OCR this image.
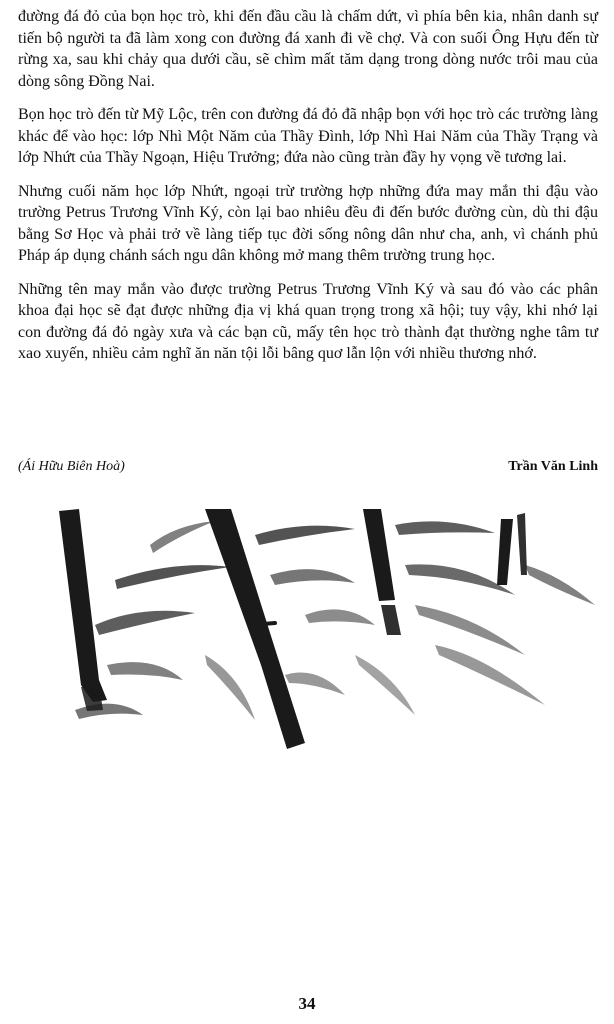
đường đá đỏ của bọn học trò, khi đến đầu cầu là chấm dứt, vì phía bên kia, nhân danh sự tiến bộ người ta đã làm xong con đường đá xanh đi về chợ. Và con suối Ông Hựu đến từ rừng xa, sau khi chảy qua dưới cầu, sẽ chìm mất tăm dạng trong dòng nước trôi mau của dòng sông Đồng Nai.

Bọn học trò đến từ Mỹ Lộc, trên con đường đá đỏ đã nhập bọn với học trò các trường làng khác để vào học: lớp Nhì Một Năm của Thầy Đình, lớp Nhì Hai Năm của Thầy Trạng và lớp Nhứt của Thầy Ngoạn, Hiệu Trưởng; đứa nào cũng tràn đầy hy vọng về tương lai.

Nhưng cuối năm học lớp Nhứt, ngoại trừ trường hợp những đứa may mắn thi đậu vào trường Petrus Trương Vĩnh Ký, còn lại bao nhiêu đều đi đến bước đường cùn, dù thi đậu bằng Sơ Học và phải trở về làng tiếp tục đời sống nông dân như cha, anh, vì chánh phủ Pháp áp dụng chánh sách ngu dân không mở mang thêm trường trung học.

Những tên may mắn vào được trường Petrus Trương Vĩnh Ký và sau đó vào các phân khoa đại học sẽ đạt được những địa vị khá quan trọng trong xã hội; tuy vậy, khi nhớ lại con đường đá đỏ ngày xưa và các bạn cũ, mấy tên học trò thành đạt thường nghe tâm tư xao xuyến, nhiều cảm nghĩ ăn năn tội lỗi bâng quơ lẫn lộn với nhiều thương nhớ.

(Ái Hữu Biên Hoà)	Trần Văn Linh
34
